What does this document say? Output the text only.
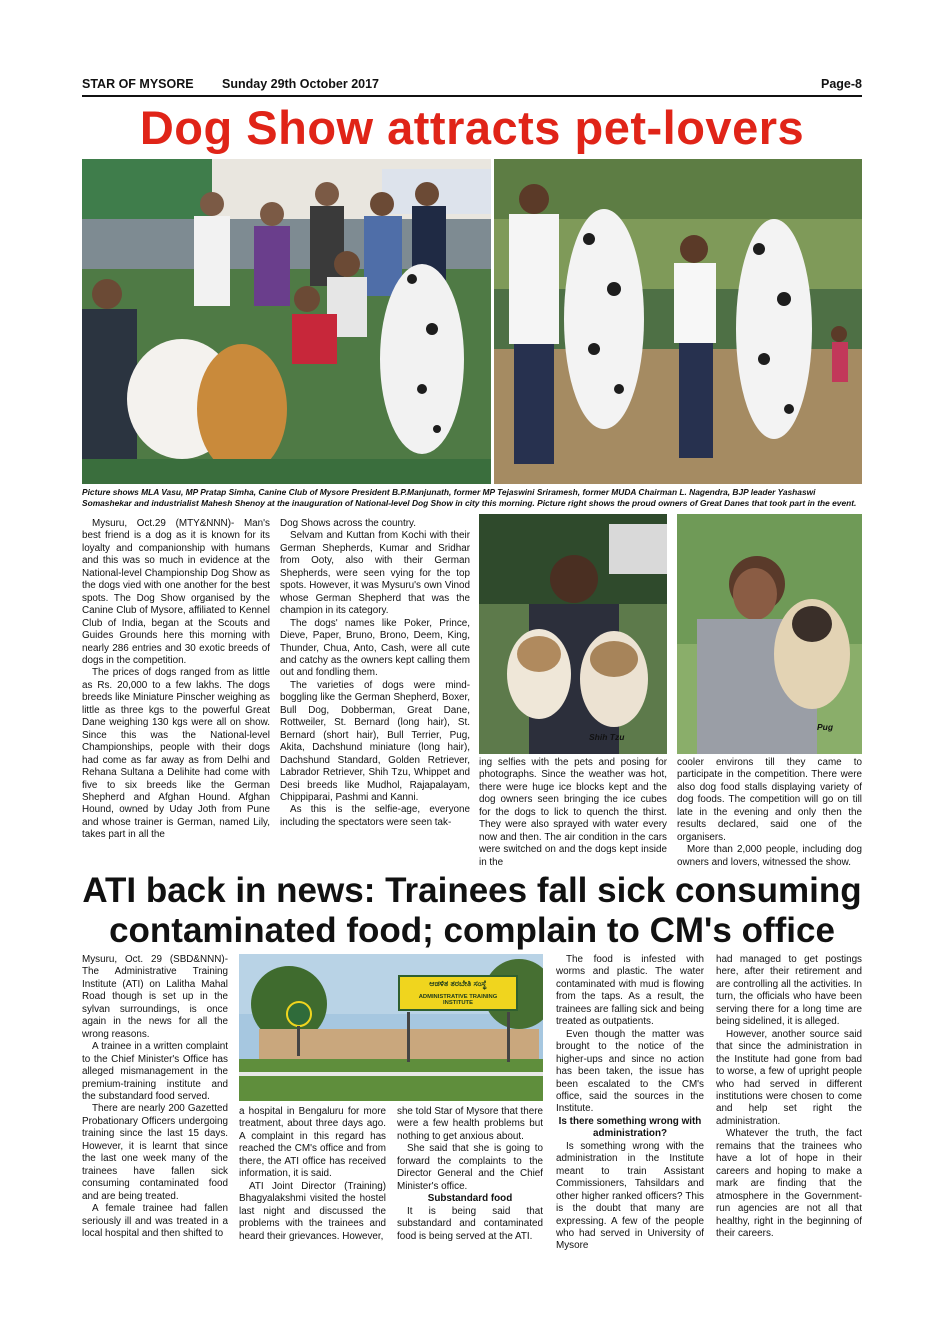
STAR OF MYSORE Sunday 29th October 2017	Page-8
Dog Show attracts pet-lovers
Picture shows MLA Vasu, MP Pratap Simha, Canine Club of Mysore President B.P.Manjunath, former MP Tejaswini Sriramesh, former MUDA Chairman L. Nagendra, BJP leader Yashaswi Somashekar and industrialist Mahesh Shenoy at the inauguration of National-level Dog Show in city this morning. Picture right shows the proud owners of Great Danes that took part in the event.

Mysuru, Oct.29 (MTY&NNN)- Man's best friend is a dog as it is known for its loyalty and companionship with humans and this was so much in evidence at the National-level Championship Dog Show as the dogs vied with one another for the best spots. The Dog Show organised by the Canine Club of Mysore, affiliated to Kennel Club of India, began at the Scouts and Guides Grounds here this morning with nearly 286 entries and 30 exotic breeds of dogs in the competition.

The prices of dogs ranged from as little as Rs. 20,000 to a few lakhs. The dogs breeds like Miniature Pinscher weighing as little as three kgs to the powerful Great Dane weighing 130 kgs were all on show. Since this was the National-level Championships, people with their dogs had come as far away as from Delhi and Rehana Sultana a Delihite had come with five to six breeds like the German Shepherd and Afghan Hound. Afghan Hound, owned by Uday Joth from Pune and whose trainer is German, named Lily, takes part in all the

Dog Shows across the country.

Selvam and Kuttan from Kochi with their German Shepherds, Kumar and Sridhar from Ooty, also with their German Shepherds, were seen vying for the top spots. However, it was Mysuru's own Vinod whose German Shepherd that was the champion in its category.

The dogs' names like Poker, Prince, Dieve, Paper, Bruno, Brono, Deem, King, Thunder, Chua, Anto, Cash, were all cute and catchy as the owners kept calling them out and fondling them.

The varieties of dogs were mind-boggling like the German Shepherd, Boxer, Bull Dog, Dobberman, Great Dane, Rottweiler, St. Bernard (long hair), St. Bernard (short hair), Bull Terrier, Pug, Akita, Dachshund miniature (long hair), Dachshund Standard, Golden Retriever, Labrador Retriever, Shih Tzu, Whippet and Desi breeds like Mudhol, Rajapalayam, Chippiparai, Pashmi and Kanni.

As this is the selfie-age, everyone including the spectators were seen tak-

Shih Tzu
Pug

ing selfies with the pets and posing for photographs. Since the weather was hot, there were huge ice blocks kept and the dog owners seen bringing the ice cubes for the dogs to lick to quench the thirst. They were also sprayed with water every now and then. The air condition in the cars were switched on and the dogs kept inside in the

cooler environs till they came to participate in the competition. There were also dog food stalls displaying variety of dog foods. The competition will go on till late in the evening and only then the results declared, said one of the organisers.

More than 2,000 people, including dog owners and lovers, witnessed the show.

ATI back in news: Trainees fall sick consuming
contaminated food; complain to CM's office

Mysuru, Oct. 29 (SBD&NNN)- The Administrative Training Institute (ATI) on Lalitha Mahal Road though is set up in the sylvan surroundings, is once again in the news for all the wrong reasons.

A trainee in a written complaint to the Chief Minister's Office has alleged mismanagement in the premium-training institute and the substandard food served.

There are nearly 200 Gazetted Probationary Officers undergoing training since the last 15 days. However, it is learnt that since the last one week many of the trainees have fallen sick consuming contaminated food and are being treated.

A female trainee had fallen seriously ill and was treated in a local hospital and then shifted to

ಆಡಳಿತ ತರಬೇತಿ ಸಂಸ್ಥೆ
ADMINISTRATIVE TRAINING INSTITUTE

a hospital in Bengaluru for more treatment, about three days ago. A complaint in this regard has reached the CM's office and from there, the ATI office has received information, it is said.

ATI Joint Director (Training) Bhagyalakshmi visited the hostel last night and discussed the problems with the trainees and heard their grievances. However,

she told Star of Mysore that there were a few health problems but nothing to get anxious about.

She said that she is going to forward the complaints to the Director General and the Chief Minister's office.

Substandard food

It is being said that substandard and contaminated food is being served at the ATI.

The food is infested with worms and plastic. The water contaminated with mud is flowing from the taps. As a result, the trainees are falling sick and being treated as outpatients.

Even though the matter was brought to the notice of the higher-ups and since no action has been taken, the issue has been escalated to the CM's office, said the sources in the Institute.

Is there something wrong with administration?

Is something wrong with the administration in the Institute meant to train Assistant Commissioners, Tahsildars and other higher ranked officers? This is the doubt that many are expressing. A few of the people who had served in University of Mysore

had managed to get postings here, after their retirement and are controlling all the activities. In turn, the officials who have been serving there for a long time are being sidelined, it is alleged.

However, another source said that since the administration in the Institute had gone from bad to worse, a few of upright people who had served in different institutions were chosen to come and help set right the administration.

Whatever the truth, the fact remains that the trainees who have a lot of hope in their careers and hoping to make a mark are finding that the atmosphere in the Government-run agencies are not all that healthy, right in the beginning of their careers.
